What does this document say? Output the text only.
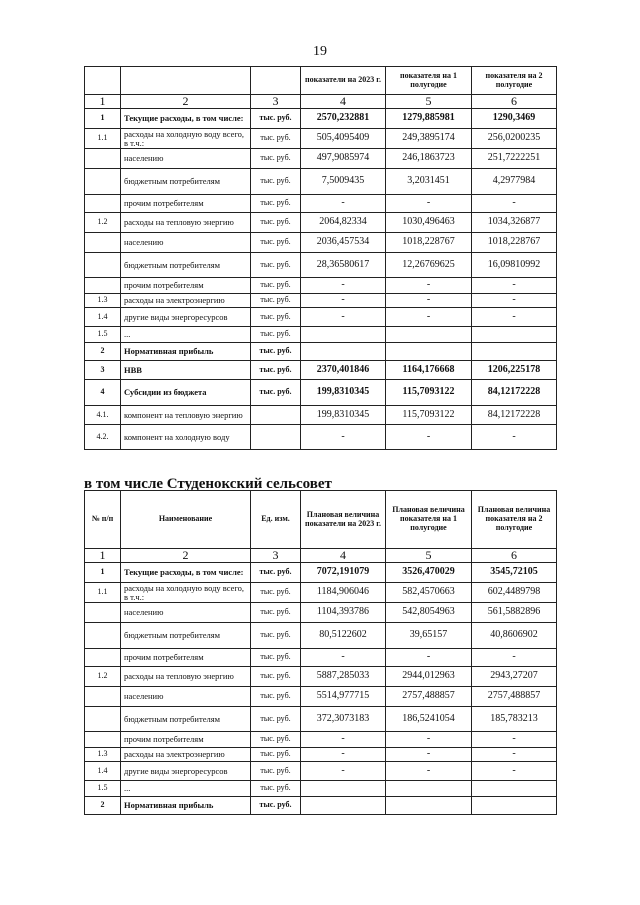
19
			показатели на 2023 г.	показателя на 1 полугодие	показателя на 2 полугодие
1	2	3	4	5	6
1	Текущие расходы, в том числе:	тыс. руб.	2570,232881	1279,885981	1290,3469
1.1	расходы на холодную воду всего, в т.ч.:	тыс. руб.	505,4095409	249,3895174	256,0200235
	населению	тыс. руб.	497,9085974	246,1863723	251,7222251
	бюджетным потребителям	тыс. руб.	7,5009435	3,2031451	4,2977984
	прочим потребителям	тыс. руб.	-	-	-
1.2	расходы на тепловую энергию	тыс. руб.	2064,82334	1030,496463	1034,326877
	населению	тыс. руб.	2036,457534	1018,228767	1018,228767
	бюджетным потребителям	тыс. руб.	28,36580617	12,26769625	16,09810992
	прочим потребителям	тыс. руб.	-	-	-
1.3	расходы на электроэнергию	тыс. руб.	-	-	-
1.4	другие виды энергоресурсов	тыс. руб.	-	-	-
1.5	...	тыс. руб.			
2	Нормативная прибыль	тыс. руб.			
3	НВВ	тыс. руб.	2370,401846	1164,176668	1206,225178
4	Субсидии из бюджета	тыс. руб.	199,8310345	115,7093122	84,12172228
4.1.	компонент на тепловую энергию		199,8310345	115,7093122	84,12172228
4.2.	компонент на холодную воду		-	-	-
в том числе Студенокский сельсовет
№ п/п	Наименование	Ед. изм.	Плановая величина показатели на 2023 г.	Плановая величина показателя на 1 полугодие	Плановая величина показателя на 2 полугодие
1	2	3	4	5	6
1	Текущие расходы, в том числе:	тыс. руб.	7072,191079	3526,470029	3545,72105
1.1	расходы на холодную воду всего, в т.ч.:	тыс. руб.	1184,906046	582,4570663	602,4489798
	населению	тыс. руб.	1104,393786	542,8054963	561,5882896
	бюджетным потребителям	тыс. руб.	80,5122602	39,65157	40,8606902
	прочим потребителям	тыс. руб.	-	-	-
1.2	расходы на тепловую энергию	тыс. руб.	5887,285033	2944,012963	2943,27207
	населению	тыс. руб.	5514,977715	2757,488857	2757,488857
	бюджетным потребителям	тыс. руб.	372,3073183	186,5241054	185,783213
	прочим потребителям	тыс. руб.	-	-	-
1.3	расходы на электроэнергию	тыс. руб.	-	-	-
1.4	другие виды энергоресурсов	тыс. руб.	-	-	-
1.5	...	тыс. руб.			
2	Нормативная прибыль	тыс. руб.			
